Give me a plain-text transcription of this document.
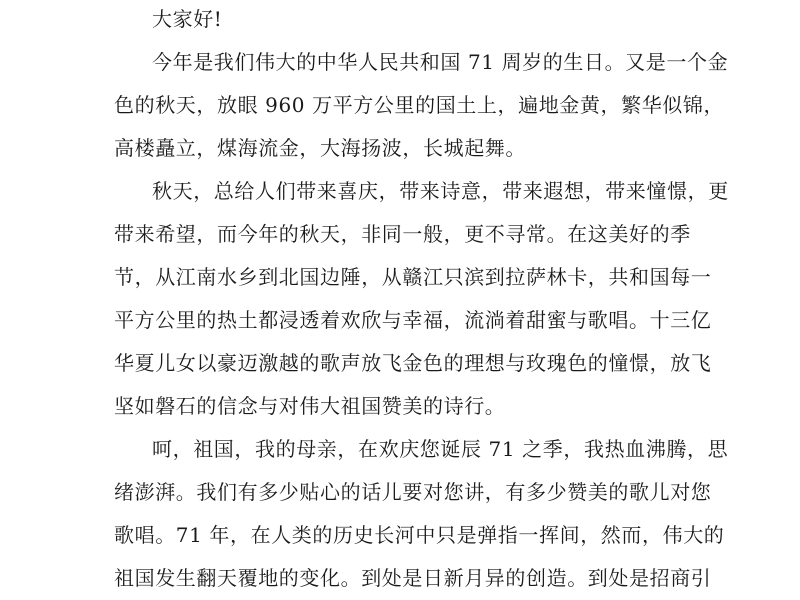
大家好!
今年是我们伟大的中华人民共和国 71 周岁的生日。又是一个金
色的秋天，放眼 960 万平方公里的国土上，遍地金黄，繁华似锦，
高楼矗立，煤海流金，大海扬波，长城起舞。
秋天，总给人们带来喜庆，带来诗意，带来遐想，带来憧憬，更
带来希望，而今年的秋天，非同一般，更不寻常。在这美好的季
节，从江南水乡到北国边陲，从赣江只滨到拉萨林卡，共和国每一
平方公里的热土都浸透着欢欣与幸福，流淌着甜蜜与歌唱。十三亿
华夏儿女以豪迈激越的歌声放飞金色的理想与玫瑰色的憧憬，放飞
坚如磐石的信念与对伟大祖国赞美的诗行。
呵，祖国，我的母亲，在欢庆您诞辰 71 之季，我热血沸腾，思
绪澎湃。我们有多少贴心的话儿要对您讲，有多少赞美的歌儿对您
歌唱。71 年，在人类的历史长河中只是弹指一挥间，然而，伟大的
祖国发生翻天覆地的变化。到处是日新月异的创造。到处是招商引
